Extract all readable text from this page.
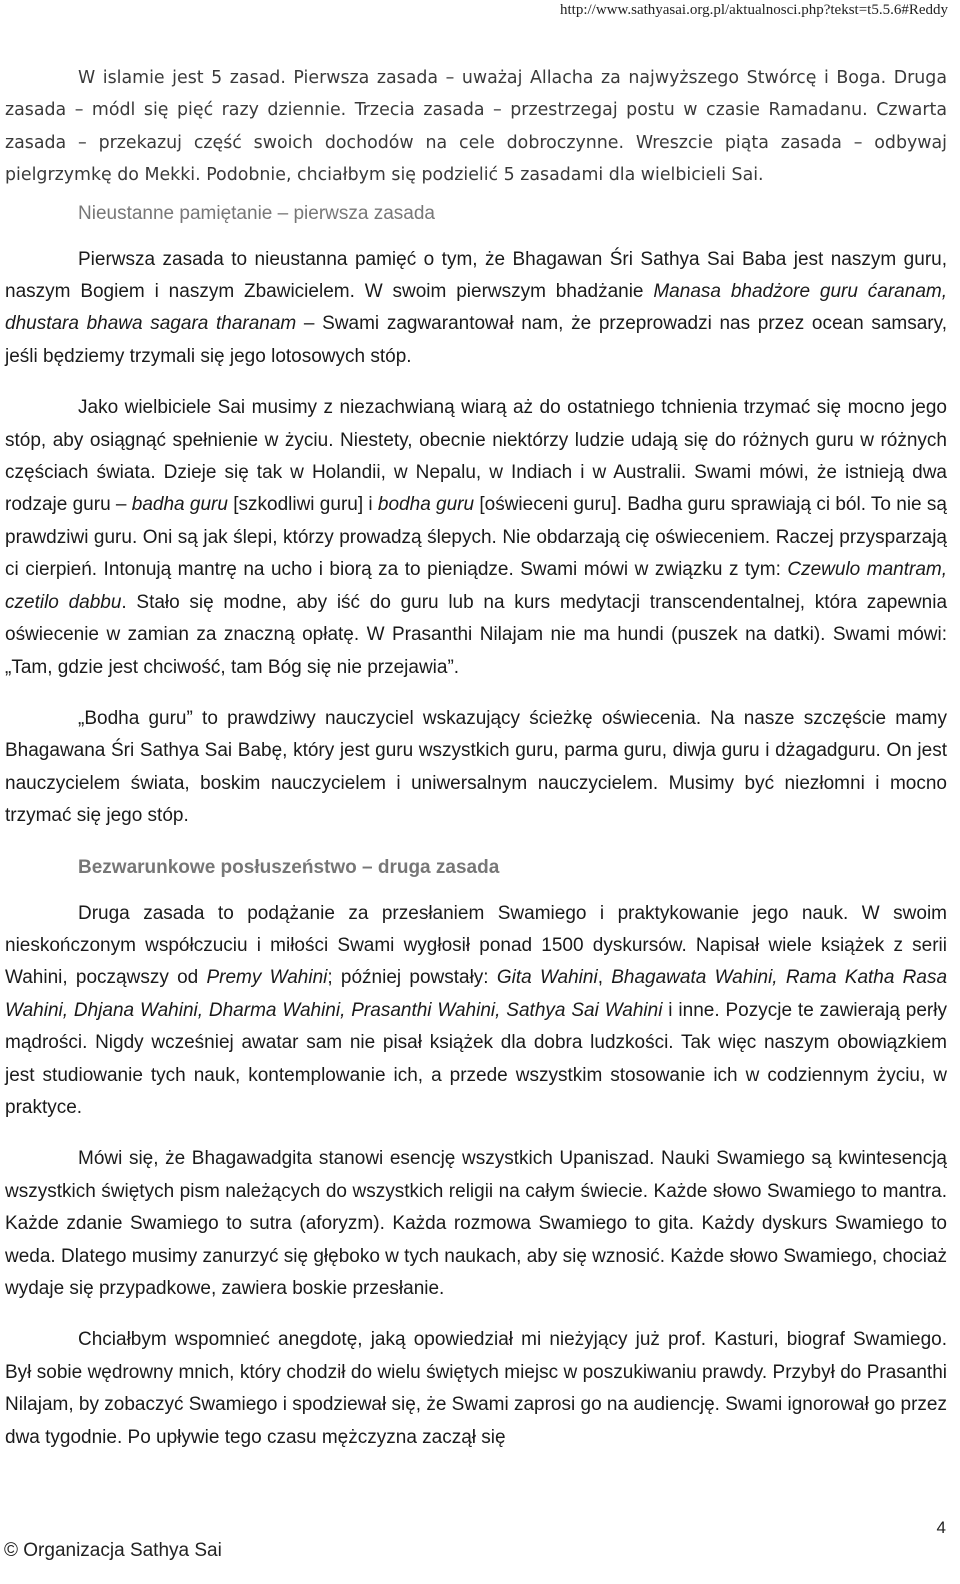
http://www.sathyasai.org.pl/aktualnosci.php?tekst=t5.5.6#Reddy

W islamie jest 5 zasad. Pierwsza zasada – uważaj Allacha za najwyższego Stwórcę i Boga. Druga zasada – módl się pięć razy dziennie. Trzecia zasada – przestrzegaj postu w czasie Ramadanu. Czwarta zasada – przekazuj część swoich dochodów na cele dobroczynne. Wreszcie piąta zasada – odbywaj pielgrzymkę do Mekki. Podobnie, chciałbym się podzielić 5 zasadami dla wielbicieli Sai.

Nieustanne pamiętanie – pierwsza zasada

Pierwsza zasada to nieustanna pamięć o tym, że Bhagawan Śri Sathya Sai Baba jest naszym guru, naszym Bogiem i naszym Zbawicielem. W swoim pierwszym bhadżanie Manasa bhadżore guru ćaranam, dhustara bhawa sagara tharanam – Swami zagwarantował nam, że przeprowadzi nas przez ocean samsary, jeśli będziemy trzymali się jego lotosowych stóp.

Jako wielbiciele Sai musimy z niezachwianą wiarą aż do ostatniego tchnienia trzymać się mocno jego stóp, aby osiągnąć spełnienie w życiu. Niestety, obecnie niektórzy ludzie udają się do różnych guru w różnych częściach świata. Dzieje się tak w Holandii, w Nepalu, w Indiach i w Australii. Swami mówi, że istnieją dwa rodzaje guru – badha guru [szkodliwi guru] i bodha guru [oświeceni guru]. Badha guru sprawiają ci ból. To nie są prawdziwi guru. Oni są jak ślepi, którzy prowadzą ślepych. Nie obdarzają cię oświeceniem. Raczej przysparzają ci cierpień. Intonują mantrę na ucho i biorą za to pieniądze. Swami mówi w związku z tym: Czewulo mantram, czetilo dabbu. Stało się modne, aby iść do guru lub na kurs medytacji transcendentalnej, która zapewnia oświecenie w zamian za znaczną opłatę. W Prasanthi Nilajam nie ma hundi (puszek na datki). Swami mówi: „Tam, gdzie jest chciwość, tam Bóg się nie przejawia”.

„Bodha guru” to prawdziwy nauczyciel wskazujący ścieżkę oświecenia. Na nasze szczęście mamy Bhagawana Śri Sathya Sai Babę, który jest guru wszystkich guru, parma guru, diwja guru i dżagadguru. On jest nauczycielem świata, boskim nauczycielem i uniwersalnym nauczycielem. Musimy być niezłomni i mocno trzymać się jego stóp.

Bezwarunkowe posłuszeństwo – druga zasada

Druga zasada to podążanie za przesłaniem Swamiego i praktykowanie jego nauk. W swoim nieskończonym współczuciu i miłości Swami wygłosił ponad 1500 dyskursów. Napisał wiele książek z serii Wahini, począwszy od Premy Wahini; później powstały: Gita Wahini, Bhagawata Wahini, Rama Katha Rasa Wahini, Dhjana Wahini, Dharma Wahini, Prasanthi Wahini, Sathya Sai Wahini i inne. Pozycje te zawierają perły mądrości. Nigdy wcześniej awatar sam nie pisał książek dla dobra ludzkości. Tak więc naszym obowiązkiem jest studiowanie tych nauk, kontemplowanie ich, a przede wszystkim stosowanie ich w codziennym życiu, w praktyce.

Mówi się, że Bhagawadgita stanowi esencję wszystkich Upaniszad. Nauki Swamiego są kwintesencją wszystkich świętych pism należących do wszystkich religii na całym świecie. Każde słowo Swamiego to mantra. Każde zdanie Swamiego to sutra (aforyzm). Każda rozmowa Swamiego to gita. Każdy dyskurs Swamiego to weda. Dlatego musimy zanurzyć się głęboko w tych naukach, aby się wznosić. Każde słowo Swamiego, chociaż wydaje się przypadkowe, zawiera boskie przesłanie.

Chciałbym wspomnieć anegdotę, jaką opowiedział mi nieżyjący już prof. Kasturi, biograf Swamiego. Był sobie wędrowny mnich, który chodził do wielu świętych miejsc w poszukiwaniu prawdy. Przybył do Prasanthi Nilajam, by zobaczyć Swamiego i spodziewał się, że Swami zaprosi go na audiencję. Swami ignorował go przez dwa tygodnie. Po upływie tego czasu mężczyzna zaczął się

4
© Organizacja Sathya Sai
